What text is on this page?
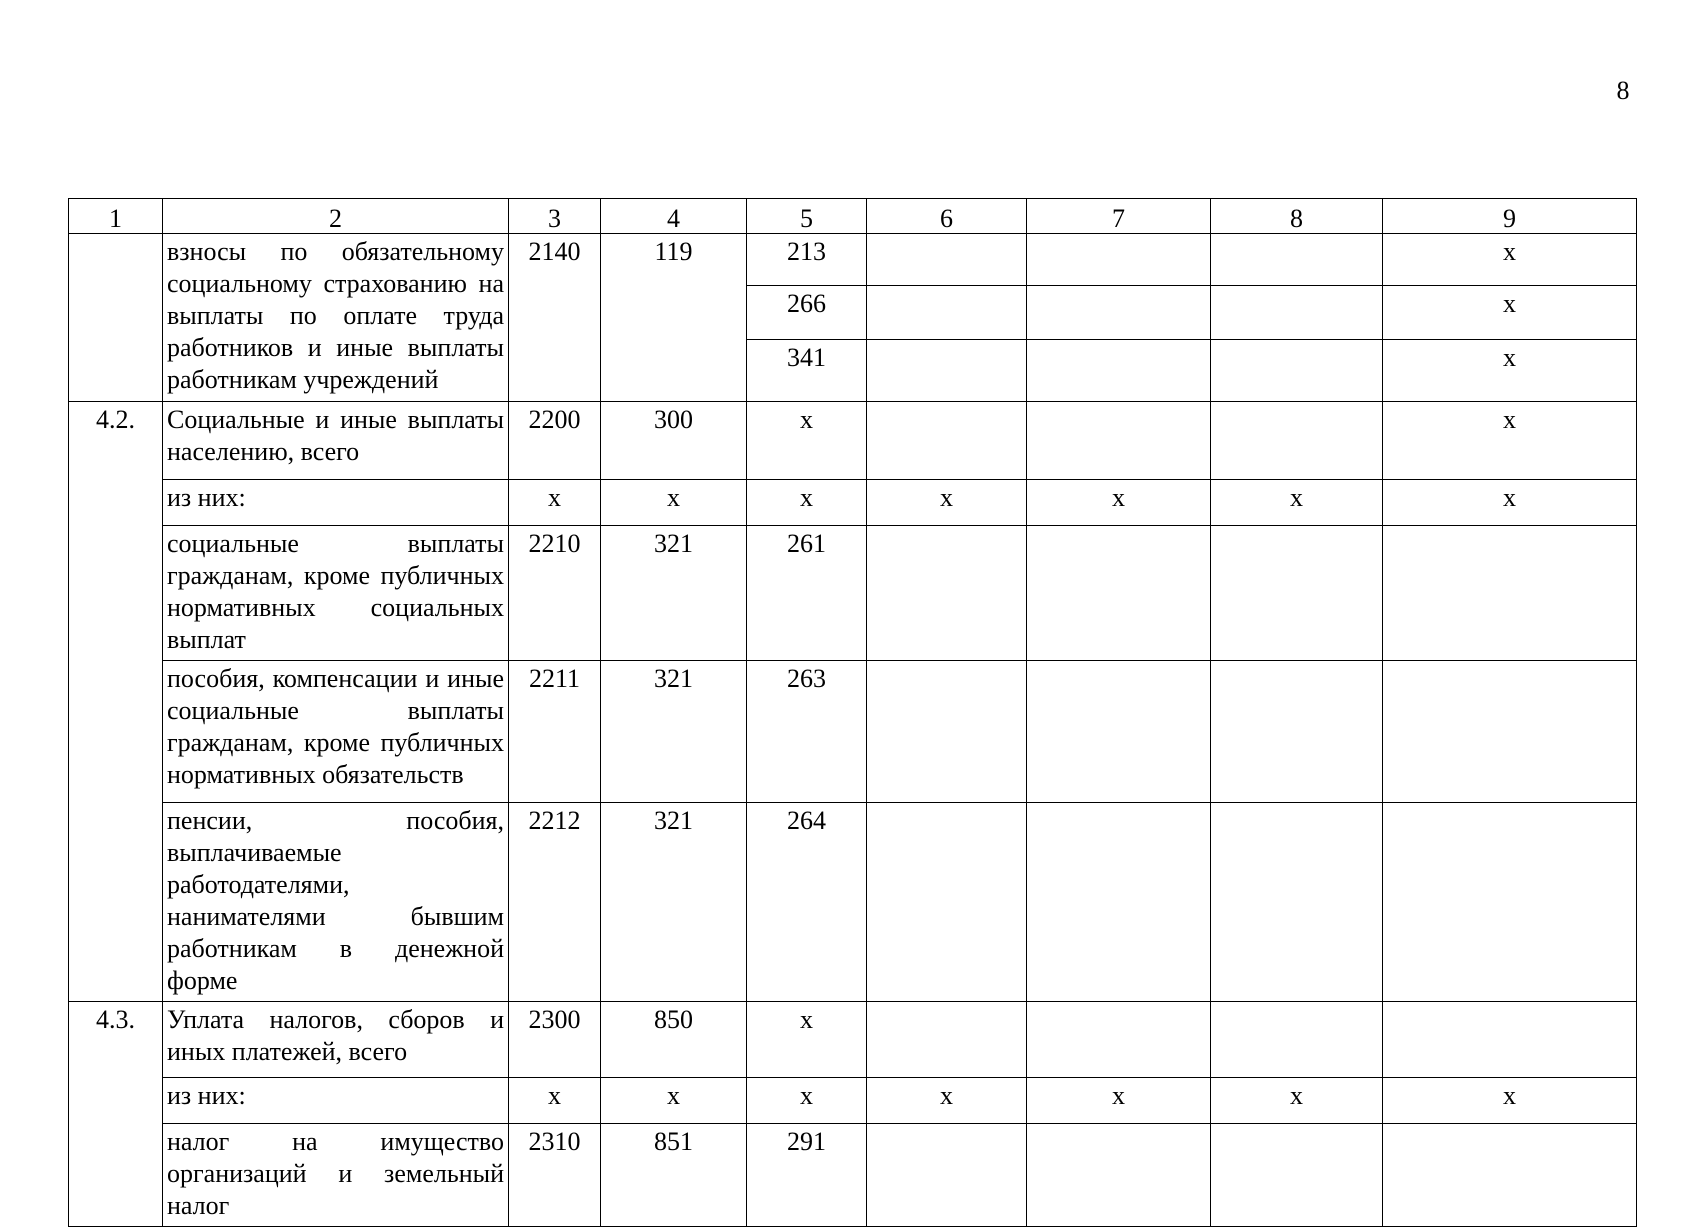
8
1	2	3	4	5	6	7	8	9
	взносы по обязательному социальному страхованию на выплаты по оплате труда работников и иные выплаты работникам учреждений	2140	119	213				х
				266				х
				341				х
4.2.	Социальные и иные выплаты населению, всего	2200	300	х				х
	из них:	х	х	х	х	х	х	х
	социальные выплаты гражданам, кроме публичных нормативных социальных выплат	2210	321	261				
	пособия, компенсации и иные социальные выплаты гражданам, кроме публичных нормативных обязательств	2211	321	263				
	пенсии, пособия, выплачиваемые работодателями, нанимателями бывшим работникам в денежной форме	2212	321	264				
4.3.	Уплата налогов, сборов и иных платежей, всего	2300	850	х				
	из них:	х	х	х	х	х	х	х
	налог на имущество организаций и земельный налог	2310	851	291				
